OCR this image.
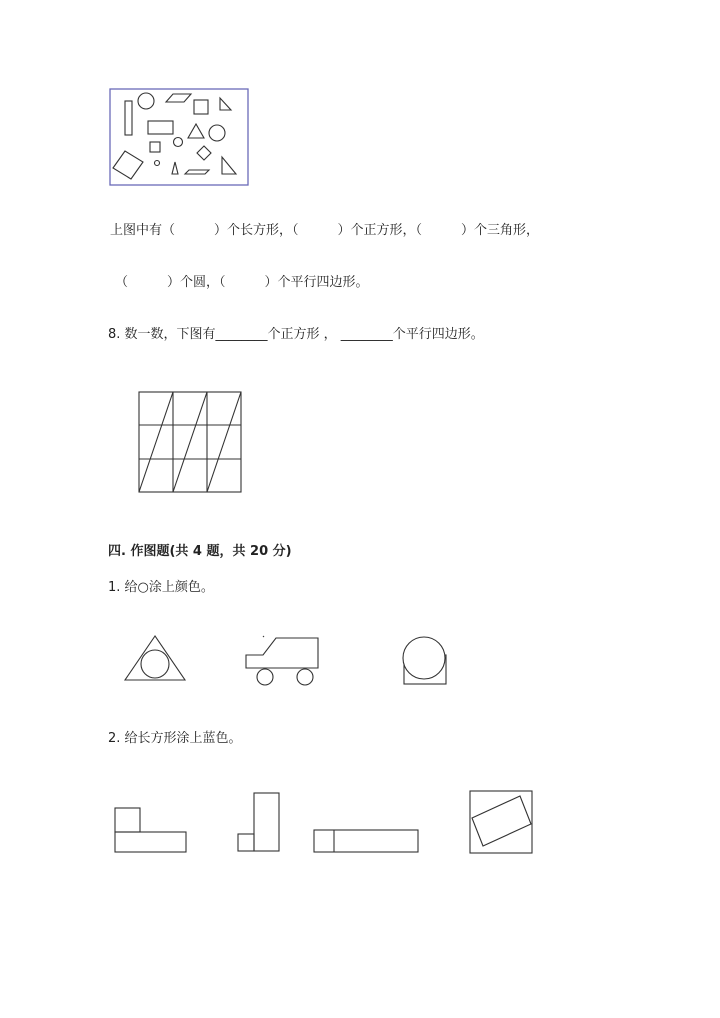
上图中有（　　　）个长方形，（　　　）个正方形，（　　　）个三角形，
（　　　）个圆，（　　　）个平行四边形。
8. 数一数，下图有________个正方形 ， ________个平行四边形。
四. 作图题(共 4 题，共 20 分)
1. 给○涂上颜色。
2. 给长方形涂上蓝色。
